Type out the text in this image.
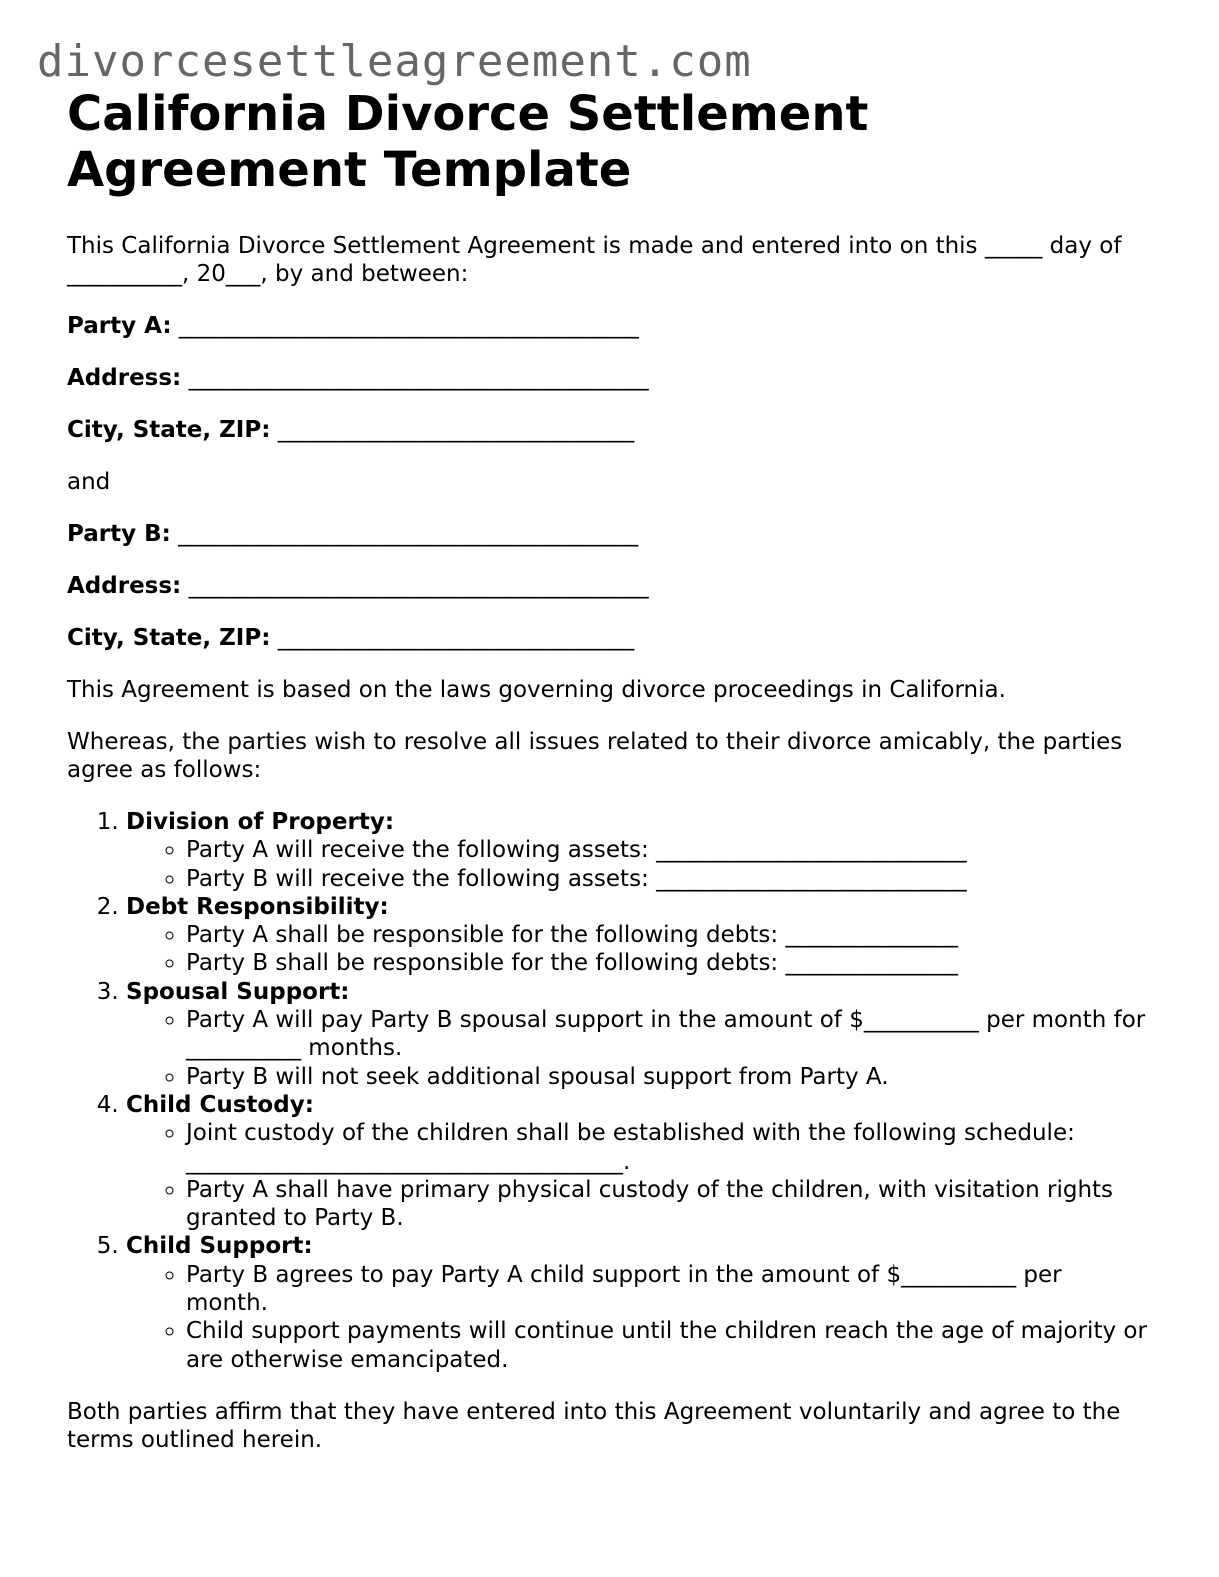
divorcesettleagreement.com
California Divorce Settlement Agreement Template

This California Divorce Settlement Agreement is made and entered into on this _____ day of __________, 20___, by and between:

Party A: ________________________________________

Address: ________________________________________

City, State, ZIP: _______________________________

and

Party B: ________________________________________

Address: ________________________________________

City, State, ZIP: _______________________________

This Agreement is based on the laws governing divorce proceedings in California.

Whereas, the parties wish to resolve all issues related to their divorce amicably, the parties agree as follows:

1. Division of Property:
◦ Party A will receive the following assets: ___________________________
◦ Party B will receive the following assets: ___________________________
2. Debt Responsibility:
◦ Party A shall be responsible for the following debts: _______________
◦ Party B shall be responsible for the following debts: _______________
3. Spousal Support:
◦ Party A will pay Party B spousal support in the amount of $__________ per month for __________ months.
◦ Party B will not seek additional spousal support from Party A.
4. Child Custody:
◦ Joint custody of the children shall be established with the following schedule: ______________________________________.
◦ Party A shall have primary physical custody of the children, with visitation rights granted to Party B.
5. Child Support:
◦ Party B agrees to pay Party A child support in the amount of $__________ per month.
◦ Child support payments will continue until the children reach the age of majority or are otherwise emancipated.

Both parties affirm that they have entered into this Agreement voluntarily and agree to the terms outlined herein.
